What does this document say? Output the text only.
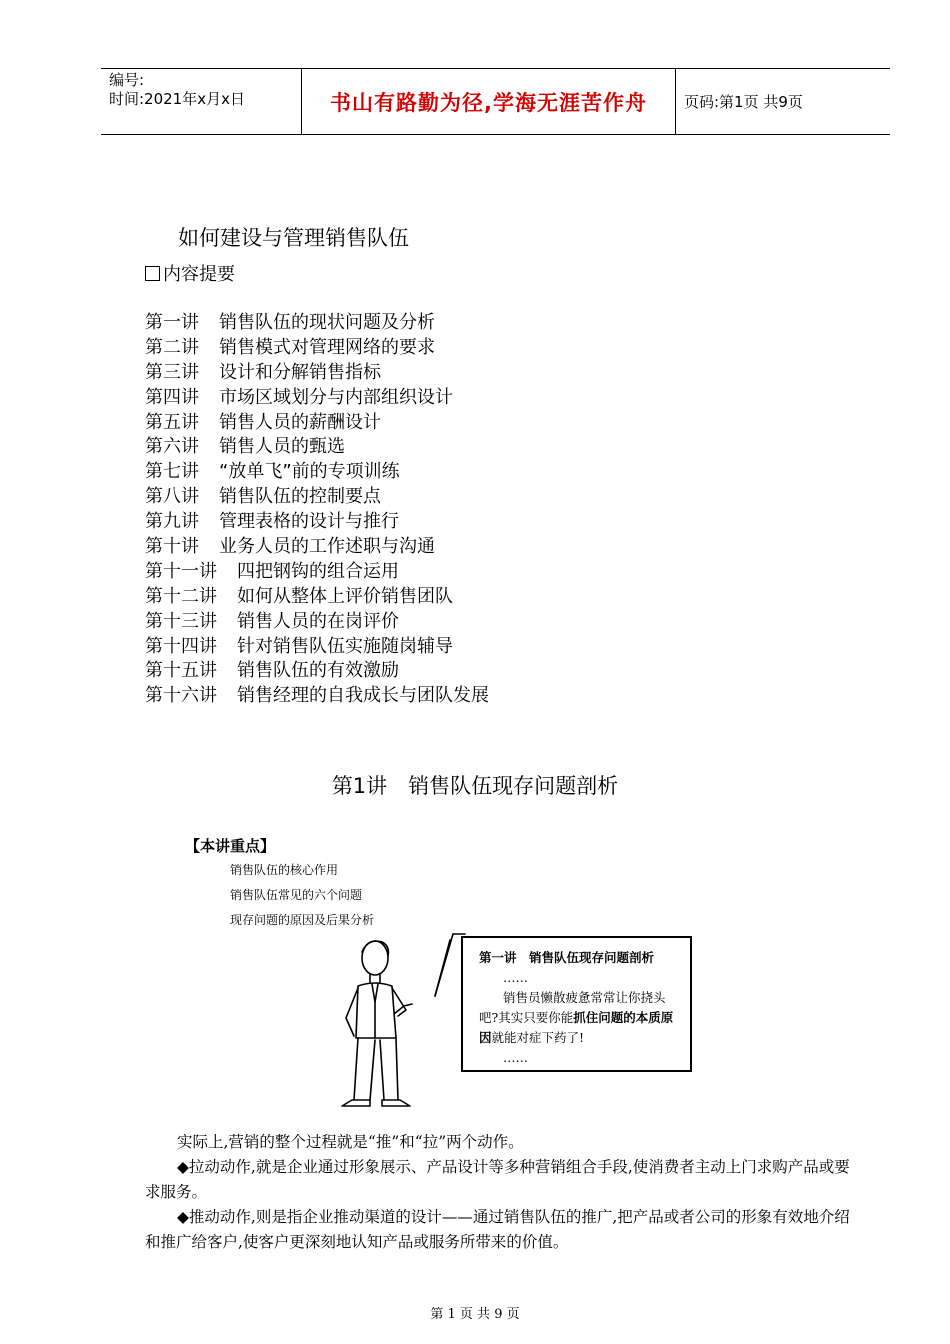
编号:
时间:2021年x月x日	书山有路勤为径,学海无涯苦作舟	页码:第1页 共9页
如何建设与管理销售队伍
内容提要
第一讲 销售队伍的现状问题及分析
第二讲 销售模式对管理网络的要求
第三讲 设计和分解销售指标
第四讲 市场区域划分与内部组织设计
第五讲 销售人员的薪酬设计
第六讲 销售人员的甄选
第七讲 “放单飞”前的专项训练
第八讲 销售队伍的控制要点
第九讲 管理表格的设计与推行
第十讲 业务人员的工作述职与沟通
第十一讲 四把钢钩的组合运用
第十二讲 如何从整体上评价销售团队
第十三讲 销售人员的在岗评价
第十四讲 针对销售队伍实施随岗辅导
第十五讲 销售队伍的有效激励
第十六讲 销售经理的自我成长与团队发展
第1讲　销售队伍现存问题剖析
【本讲重点】
销售队伍的核心作用
销售队伍常见的六个问题
现存问题的原因及后果分析
第一讲　销售队伍现存问题剖析
……
销售员懒散疲惫常常让你挠头吧?其实只要你能抓住问题的本质原因就能对症下药了!
……

实际上,营销的整个过程就是“推”和“拉”两个动作。

◆拉动动作,就是企业通过形象展示、产品设计等多种营销组合手段,使消费者主动上门求购产品或要求服务。

◆推动动作,则是指企业推动渠道的设计——通过销售队伍的推广,把产品或者公司的形象有效地介绍和推广给客户,使客户更深刻地认知产品或服务所带来的价值。

第 1 页 共 9 页
